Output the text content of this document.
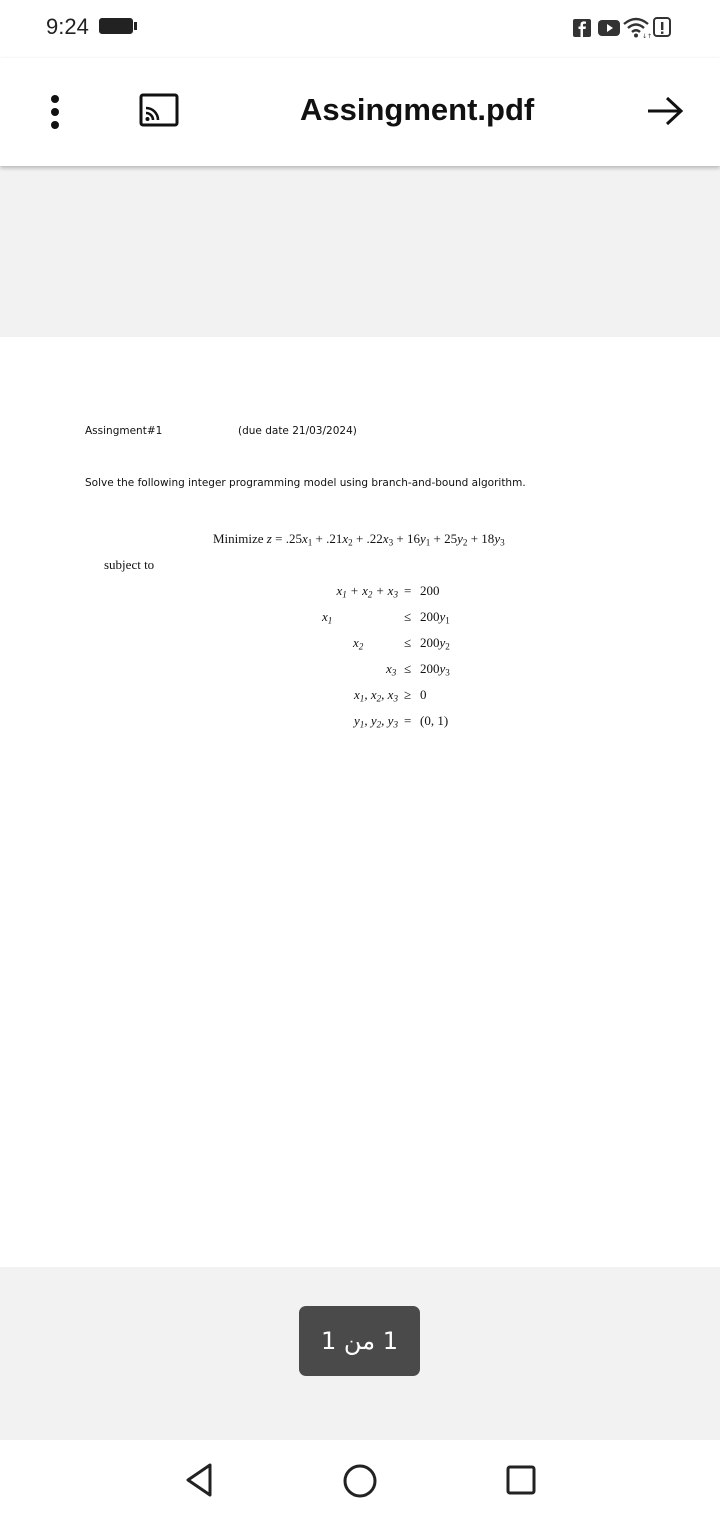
9:24	↓↑
Assingment.pdf
Assingment#1	(due date 21/03/2024)
Solve the following integer programming model using branch-and-bound algorithm.
Minimize $z = .25x_1 + .21x_2 + .22x_3 + 16y_1 + 25y_2 + 18y_3$
subject to
$x_1 + x_2 + x_3 = 200$
$x_1$	≤ $200y_1$
$x_2$	≤ $200y_2$
$x_3 \le 200y_3$
$x_1$, $x_2$, $x_3 \ge 0$
$y_1$, $y_2$, $y_3 = (0$, 1)
1 من 1
